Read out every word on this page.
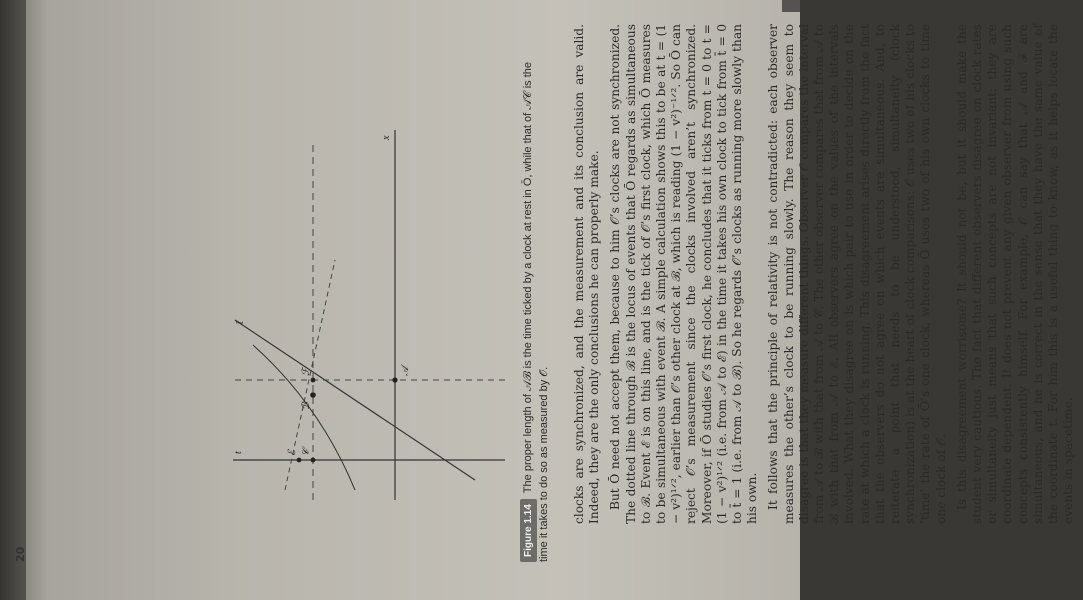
20
t
t̄
x
𝒜
ℬ
𝒞
ℰ
ℱ
Figure 1.14The proper length of 𝒜ℬ is the time ticked by a clock at rest in Ō, while that of 𝒜𝒞 is the time it takes to do so as measured by 𝒪. clocks are synchronized, and the measurement and its conclusion are valid. Indeed, they are the only conclusions he can properly make. But Ō need not accept them, because to him 𝒪’s clocks are not synchronized. The dotted line through ℬ is the locus of events that Ō regards as simultaneous to ℬ. Event ℰ is on this line, and is the tick of 𝒪’s first clock, which Ō measures to be simultaneous with event ℬ. A simple calculation shows this to be at t = (1 − v²)¹ᐟ², earlier than 𝒪’s other clock at ℬ, which is reading (1 − v²)⁻¹ᐟ². So Ō can reject 𝒪’s measurement since the clocks involved aren’t synchronized. Moreover, if Ō studies 𝒪’s first clock, he concludes that it ticks from t = 0 to t = (1 − v²)¹ᐟ² (i.e. from 𝒜 to ℰ) in the time it takes his own clock to tick from t̄ = 0 to t̄ = 1 (i.e. from 𝒜 to ℬ). So he regards 𝒪’s clocks as running more slowly than his own. It follows that the principle of relativity is not contradicted: each observer measures the other’s clock to be running slowly. The reason they seem to disagree is that they measure different things. Observer 𝒪 compares the interval from 𝒜 to ℬ with that from 𝒜 to 𝒞. The other observer compares that from 𝒜 to ℬ with that from 𝒜 to ℰ. All observers agree on the values of the intervals involved. What they disagree on is which pair to use in order to decide on the rate at which a clock is running. This disagreement arises directly from the fact that the observers do not agree on which events are simultaneous. And, to reiterate a point that needs to be understood, simultaneity (clock synchronization) is at the heart of clock comparisons: 𝒪 uses two of his clocks to ‘time’ the rate of Ō’s one clock, whereas Ō uses two of his own clocks to time one clock of 𝒪. Is this disagreement worrisome? It should not be, but it should make the student very cautious. The fact that different observers disagree on clock rates or simultaneity just means that such concepts are not invariant: they are coordinate dependent. It does not prevent any given observer from using such concepts consistently himself. For example, 𝒪 can say that 𝒜 and ℱ are simultaneous, and he is correct in the sense that they have the same value of the coordinate t. For him this is a useful thing to know, as it helps locate the events in spacetime.
